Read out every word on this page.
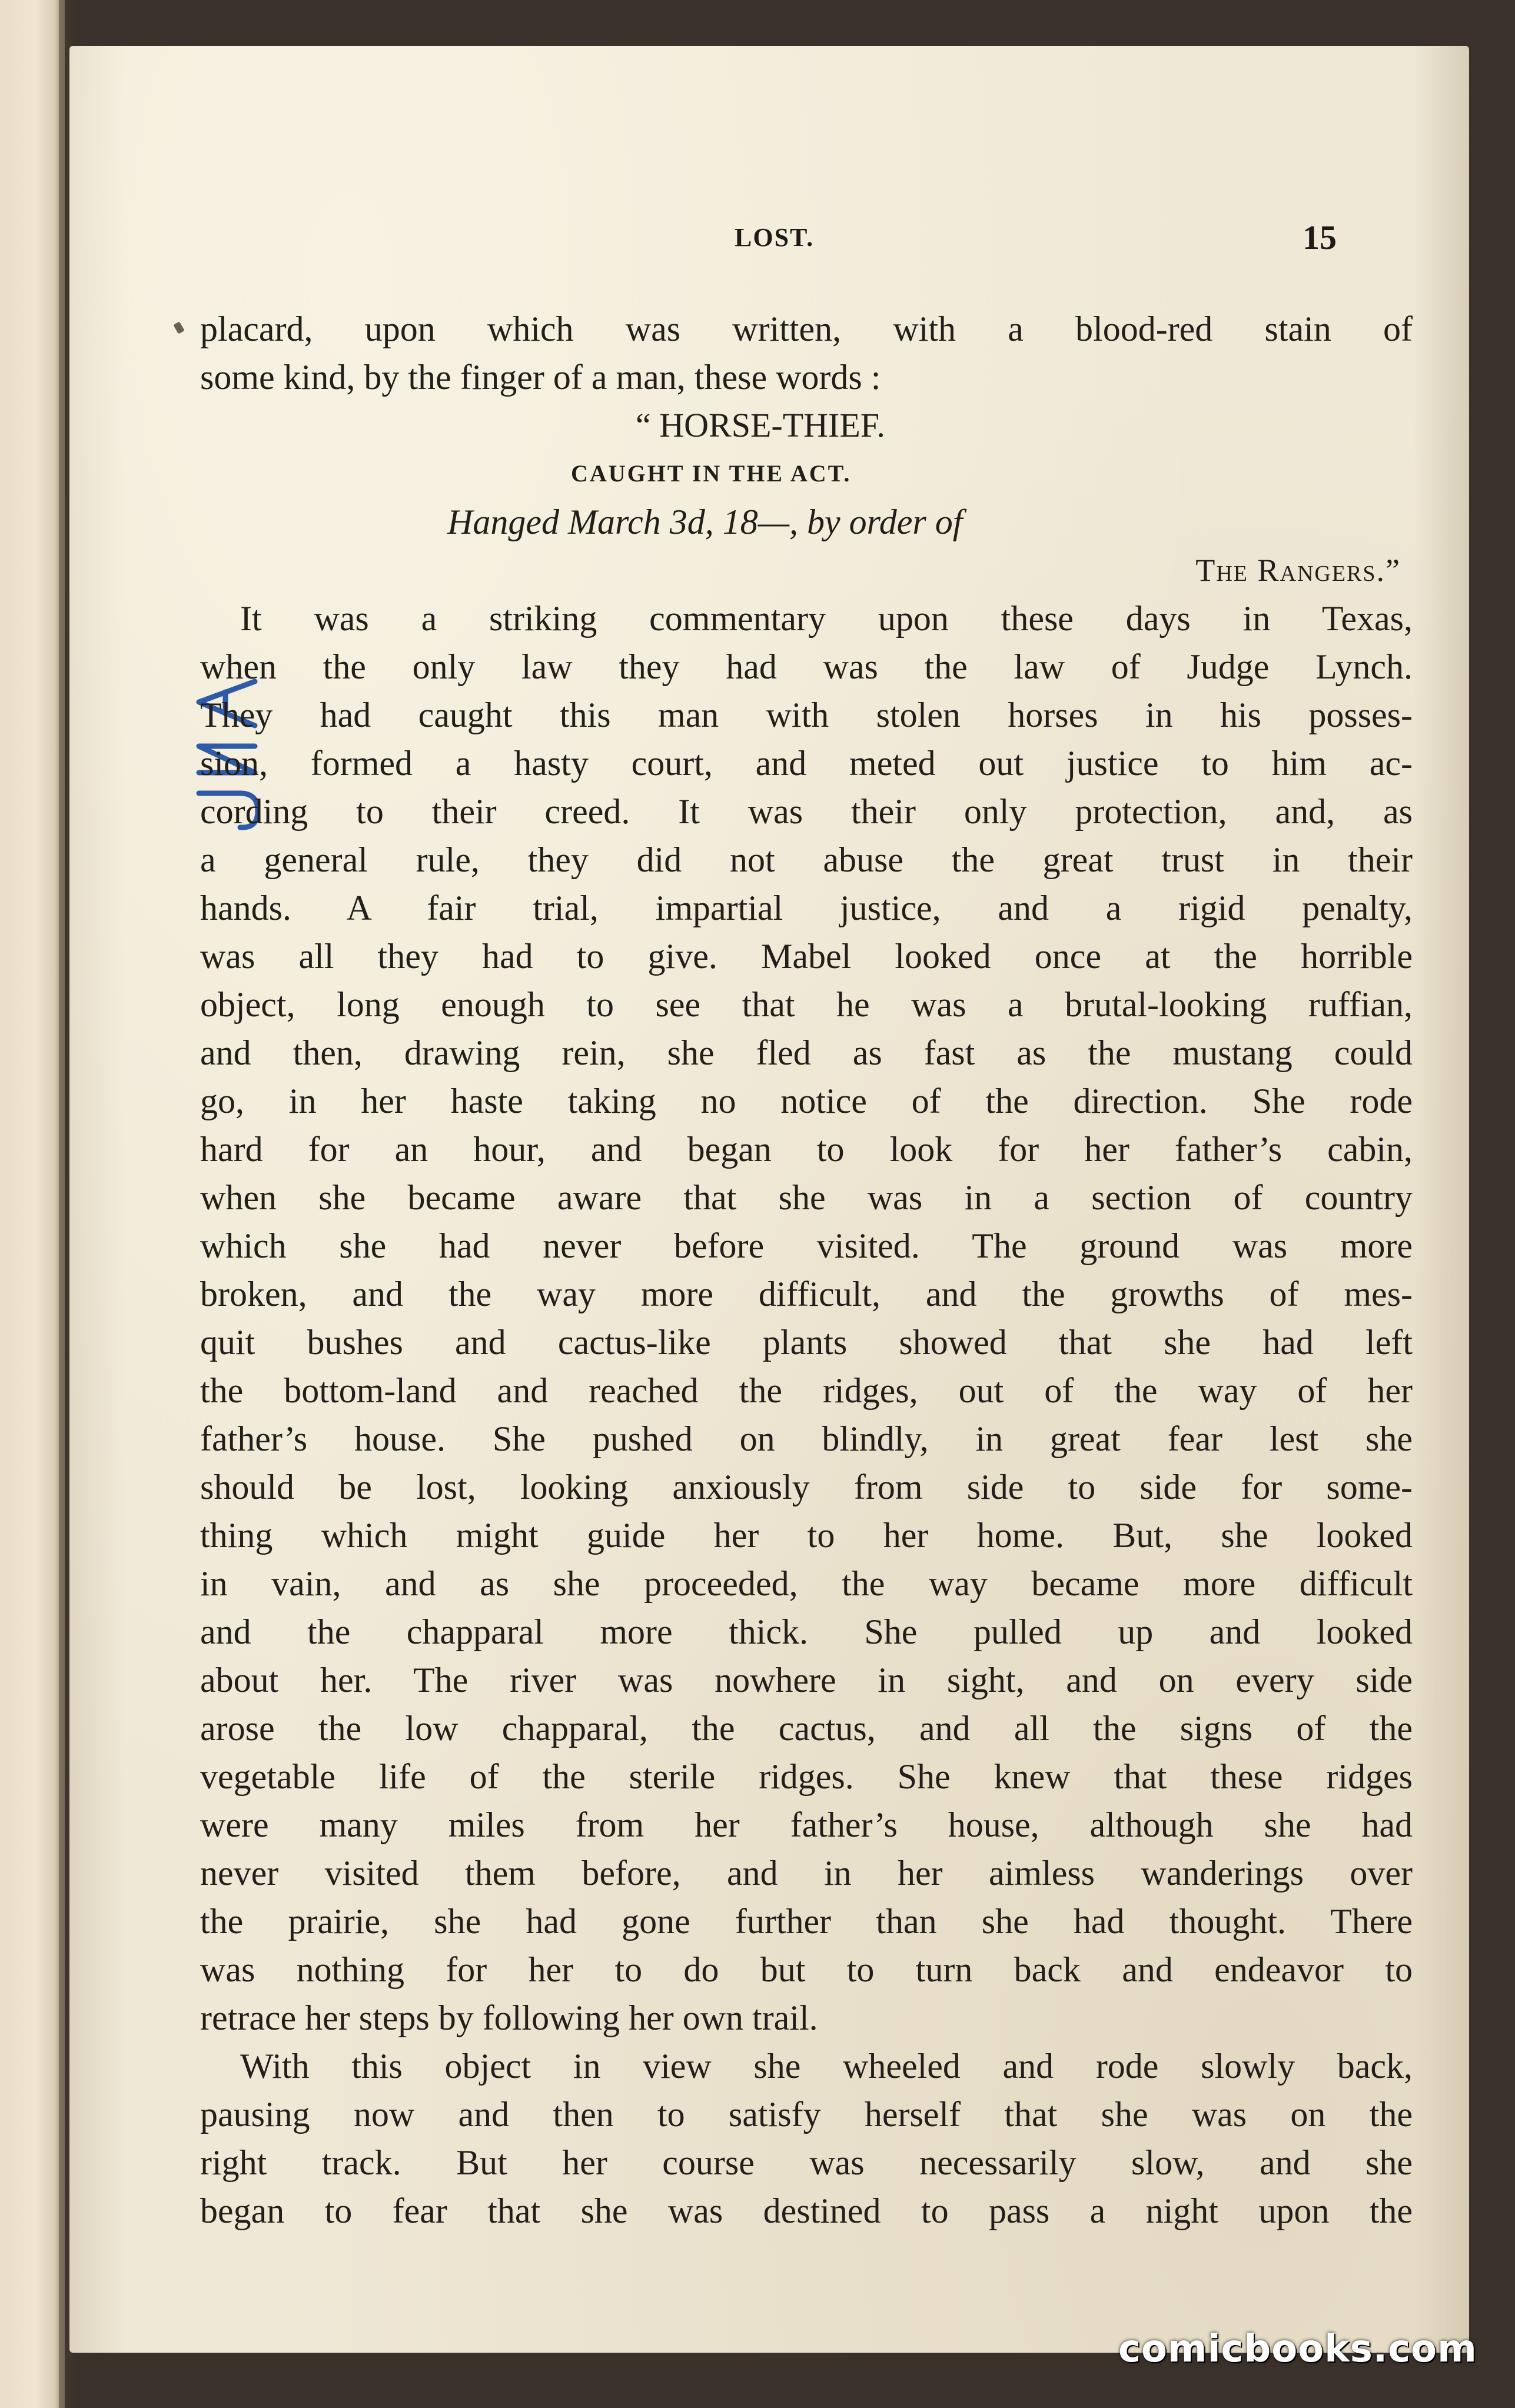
LOST.	15
placard, upon which was written, with a blood-red stain of
some kind, by the finger of a man, these words :
“ HORSE-THIEF.
CAUGHT IN THE ACT.
Hanged March 3d, 18—, by order of
The Rangers.”
It was a striking commentary upon these days in Texas,
when the only law they had was the law of Judge Lynch.
They had caught this man with stolen horses in his posses-
sion, formed a hasty court, and meted out justice to him ac-
cording to their creed. It was their only protection, and, as
a general rule, they did not abuse the great trust in their
hands. A fair trial, impartial justice, and a rigid penalty,
was all they had to give. Mabel looked once at the horrible
object, long enough to see that he was a brutal-looking ruffian,
and then, drawing rein, she fled as fast as the mustang could
go, in her haste taking no notice of the direction. She rode
hard for an hour, and began to look for her father’s cabin,
when she became aware that she was in a section of country
which she had never before visited. The ground was more
broken, and the way more difficult, and the growths of mes-
quit bushes and cactus-like plants showed that she had left
the bottom-land and reached the ridges, out of the way of her
father’s house. She pushed on blindly, in great fear lest she
should be lost, looking anxiously from side to side for some-
thing which might guide her to her home. But, she looked
in vain, and as she proceeded, the way became more difficult
and the chapparal more thick. She pulled up and looked
about her. The river was nowhere in sight, and on every side
arose the low chapparal, the cactus, and all the signs of the
vegetable life of the sterile ridges. She knew that these ridges
were many miles from her father’s house, although she had
never visited them before, and in her aimless wanderings over
the prairie, she had gone further than she had thought. There
was nothing for her to do but to turn back and endeavor to
retrace her steps by following her own trail.
With this object in view she wheeled and rode slowly back,
pausing now and then to satisfy herself that she was on the
right track. But her course was necessarily slow, and she
began to fear that she was destined to pass a night upon the
comicbooks.com
